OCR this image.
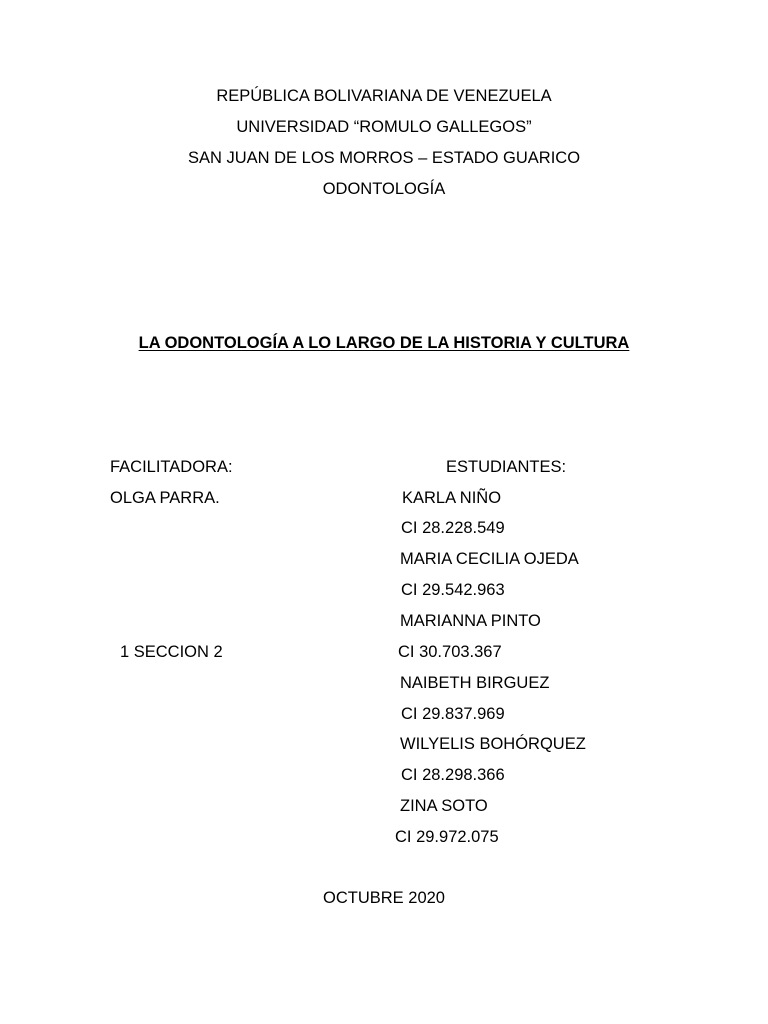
REPÚBLICA BOLIVARIANA DE VENEZUELA
UNIVERSIDAD “ROMULO GALLEGOS”
SAN JUAN DE LOS MORROS – ESTADO GUARICO
ODONTOLOGÍA
LA ODONTOLOGÍA A LO LARGO DE LA HISTORIA Y CULTURA
FACILITADORA:
OLGA PARRA.
1 SECCION 2
ESTUDIANTES:
KARLA NIÑO
CI 28.228.549
MARIA CECILIA OJEDA
CI 29.542.963
MARIANNA PINTO
CI 30.703.367
NAIBETH BIRGUEZ
CI 29.837.969
WILYELIS BOHÓRQUEZ
CI 28.298.366
ZINA SOTO
CI 29.972.075
OCTUBRE 2020
